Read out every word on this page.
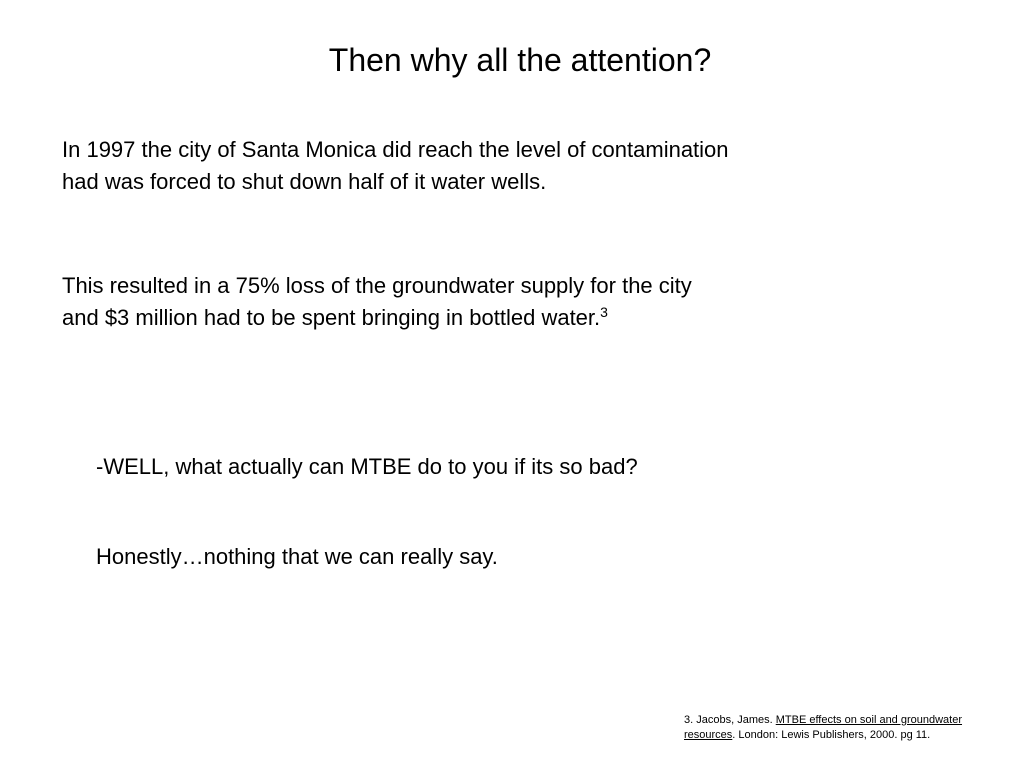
Then why all the attention?

In 1997 the city of Santa Monica did reach the level of contamination
had was forced to shut down half of it water wells.

This resulted in a 75% loss of the groundwater supply for the city
and $3 million had to be spent bringing in bottled water.$^3$

-WELL, what actually can MTBE do to you if its so bad?

Honestly…nothing that we can really say.

3. Jacobs, James. MTBE effects on soil and groundwater
resources. London: Lewis Publishers, 2000. pg 11.
